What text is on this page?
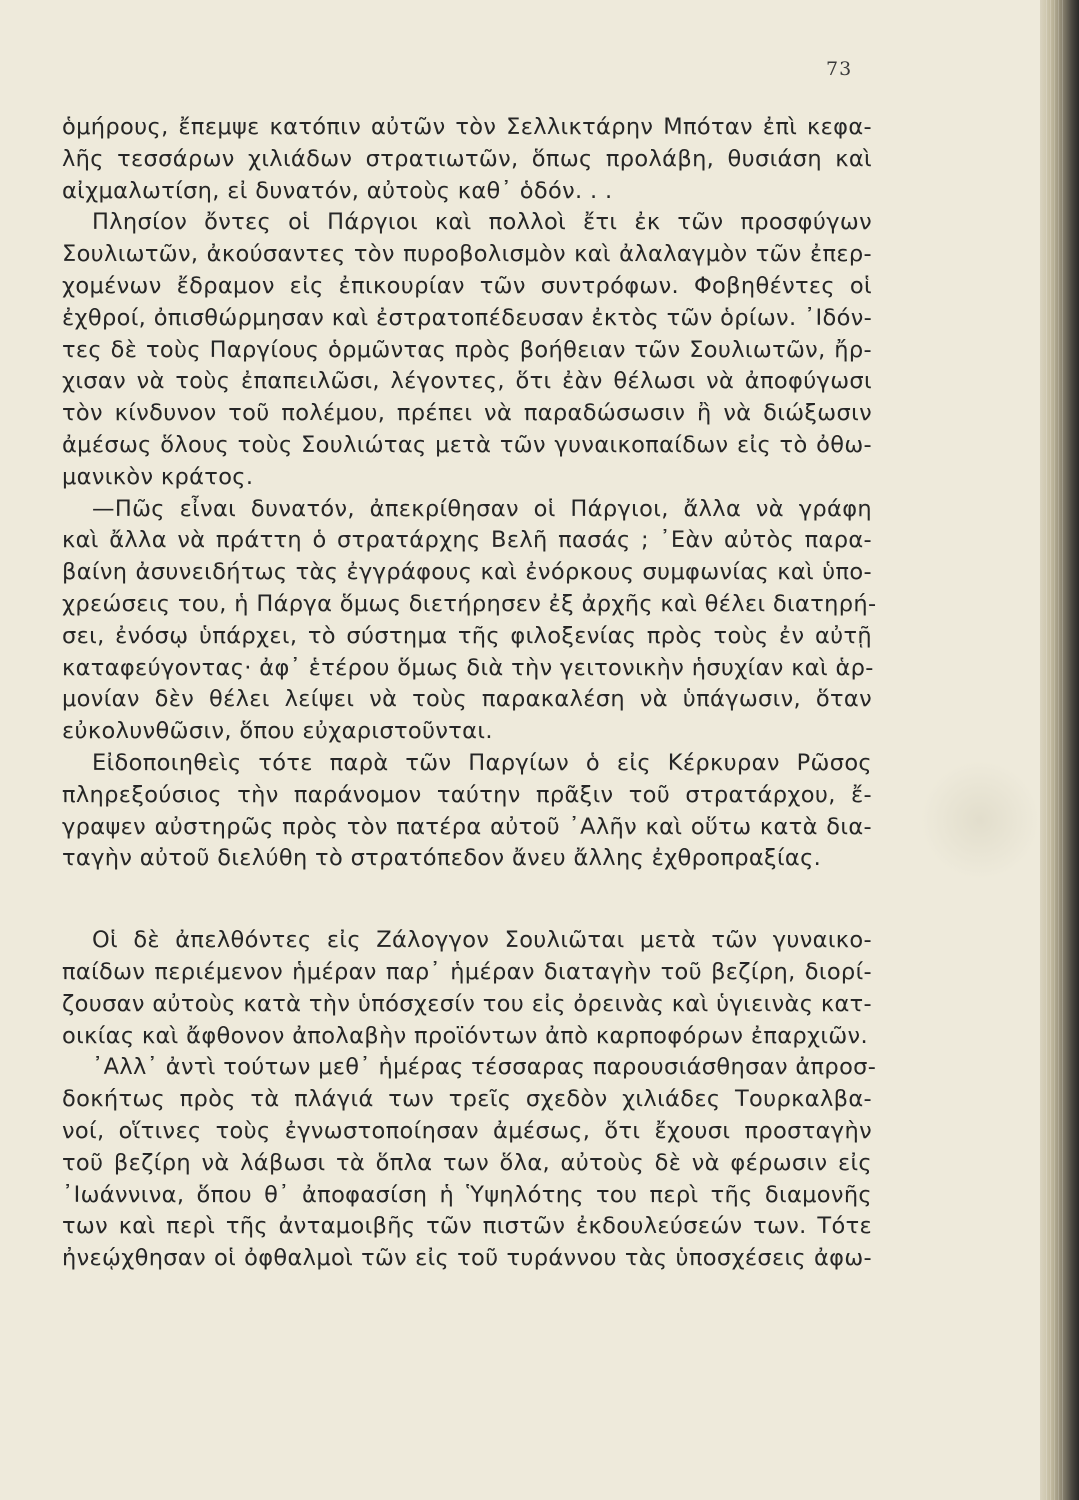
73
ὁμήρους, ἔπεμψε κατόπιν αὐτῶν τὸν Σελλικτάρην Μπόταν ἐπὶ κεφα-
λῆς τεσσάρων χιλιάδων στρατιωτῶν, ὅπως προλάβη, θυσιάση καὶ
αἰχμαλωτίση, εἰ δυνατόν, αὐτοὺς καθ᾽ ὁδόν. . .
Πλησίον ὄντες οἱ Πάργιοι καὶ πολλοὶ ἔτι ἐκ τῶν προσφύγων
Σουλιωτῶν, ἀκούσαντες τὸν πυροβολισμὸν καὶ ἀλαλαγμὸν τῶν ἐπερ-
χομένων ἔδραμον εἰς ἐπικουρίαν τῶν συντρόφων. Φοβηθέντες οἱ
ἐχθροί, ὀπισθώρμησαν καὶ ἐστρατοπέδευσαν ἐκτὸς τῶν ὁρίων. ᾿Ιδόν-
τες δὲ τοὺς Παργίους ὁρμῶντας πρὸς βοήθειαν τῶν Σουλιωτῶν, ἤρ-
χισαν νὰ τοὺς ἐπαπειλῶσι, λέγοντες, ὅτι ἐὰν θέλωσι νὰ ἀποφύγωσι
τὸν κίνδυνον τοῦ πολέμου, πρέπει νὰ παραδώσωσιν ἢ νὰ διώξωσιν
ἀμέσως ὅλους τοὺς Σουλιώτας μετὰ τῶν γυναικοπαίδων εἰς τὸ ὀθω-
μανικὸν κράτος.
—Πῶς εἶναι δυνατόν, ἀπεκρίθησαν οἱ Πάργιοι, ἄλλα νὰ γράφη
καὶ ἄλλα νὰ πράττη ὁ στρατάρχης Βελῆ πασάς ; ᾿Εὰν αὐτὸς παρα-
βαίνη ἀσυνειδήτως τὰς ἐγγράφους καὶ ἐνόρκους συμφωνίας καὶ ὑπο-
χρεώσεις του, ἡ Πάργα ὅμως διετήρησεν ἐξ ἀρχῆς καὶ θέλει διατηρή-
σει, ἐνόσῳ ὑπάρχει, τὸ σύστημα τῆς φιλοξενίας πρὸς τοὺς ἐν αὐτῇ
καταφεύγοντας· ἀφ᾽ ἑτέρου ὅμως διὰ τὴν γειτονικὴν ἡσυχίαν καὶ ἁρ-
μονίαν δὲν θέλει λείψει νὰ τοὺς παρακαλέση νὰ ὑπάγωσιν, ὅταν
εὐκολυνθῶσιν, ὅπου εὐχαριστοῦνται.
Εἰδοποιηθεὶς τότε παρὰ τῶν Παργίων ὁ εἰς Κέρκυραν Ρῶσος
πληρεξούσιος τὴν παράνομον ταύτην πρᾶξιν τοῦ στρατάρχου, ἔ-
γραψεν αὐστηρῶς πρὸς τὸν πατέρα αὐτοῦ ᾿Αλῆν καὶ οὕτω κατὰ δια-
ταγὴν αὐτοῦ διελύθη τὸ στρατόπεδον ἄνευ ἄλλης ἐχθροπραξίας.
Οἱ δὲ ἀπελθόντες εἰς Ζάλογγον Σουλιῶται μετὰ τῶν γυναικο-
παίδων περιέμενον ἡμέραν παρ᾽ ἡμέραν διαταγὴν τοῦ βεζίρη, διορί-
ζουσαν αὐτοὺς κατὰ τὴν ὑπόσχεσίν του εἰς ὀρεινὰς καὶ ὑγιεινὰς κατ-
οικίας καὶ ἄφθονον ἀπολαβὴν προϊόντων ἀπὸ καρποφόρων ἐπαρχιῶν.
᾿Αλλ᾽ ἀντὶ τούτων μεθ᾽ ἡμέρας τέσσαρας παρουσιάσθησαν ἀπροσ-
δοκήτως πρὸς τὰ πλάγιά των τρεῖς σχεδὸν χιλιάδες Τουρκαλβα-
νοί, οἵτινες τοὺς ἐγνωστοποίησαν ἀμέσως, ὅτι ἔχουσι προσταγὴν
τοῦ βεζίρη νὰ λάβωσι τὰ ὅπλα των ὅλα, αὐτοὺς δὲ νὰ φέρωσιν εἰς
᾿Ιωάννινα, ὅπου θ᾽ ἀποφασίση ἡ Ὑψηλότης του περὶ τῆς διαμονῆς
των καὶ περὶ τῆς ἀνταμοιβῆς τῶν πιστῶν ἐκδουλεύσεών των. Τότε
ἠνεῴχθησαν οἱ ὀφθαλμοὶ τῶν εἰς τοῦ τυράννου τὰς ὑποσχέσεις ἀφω-
